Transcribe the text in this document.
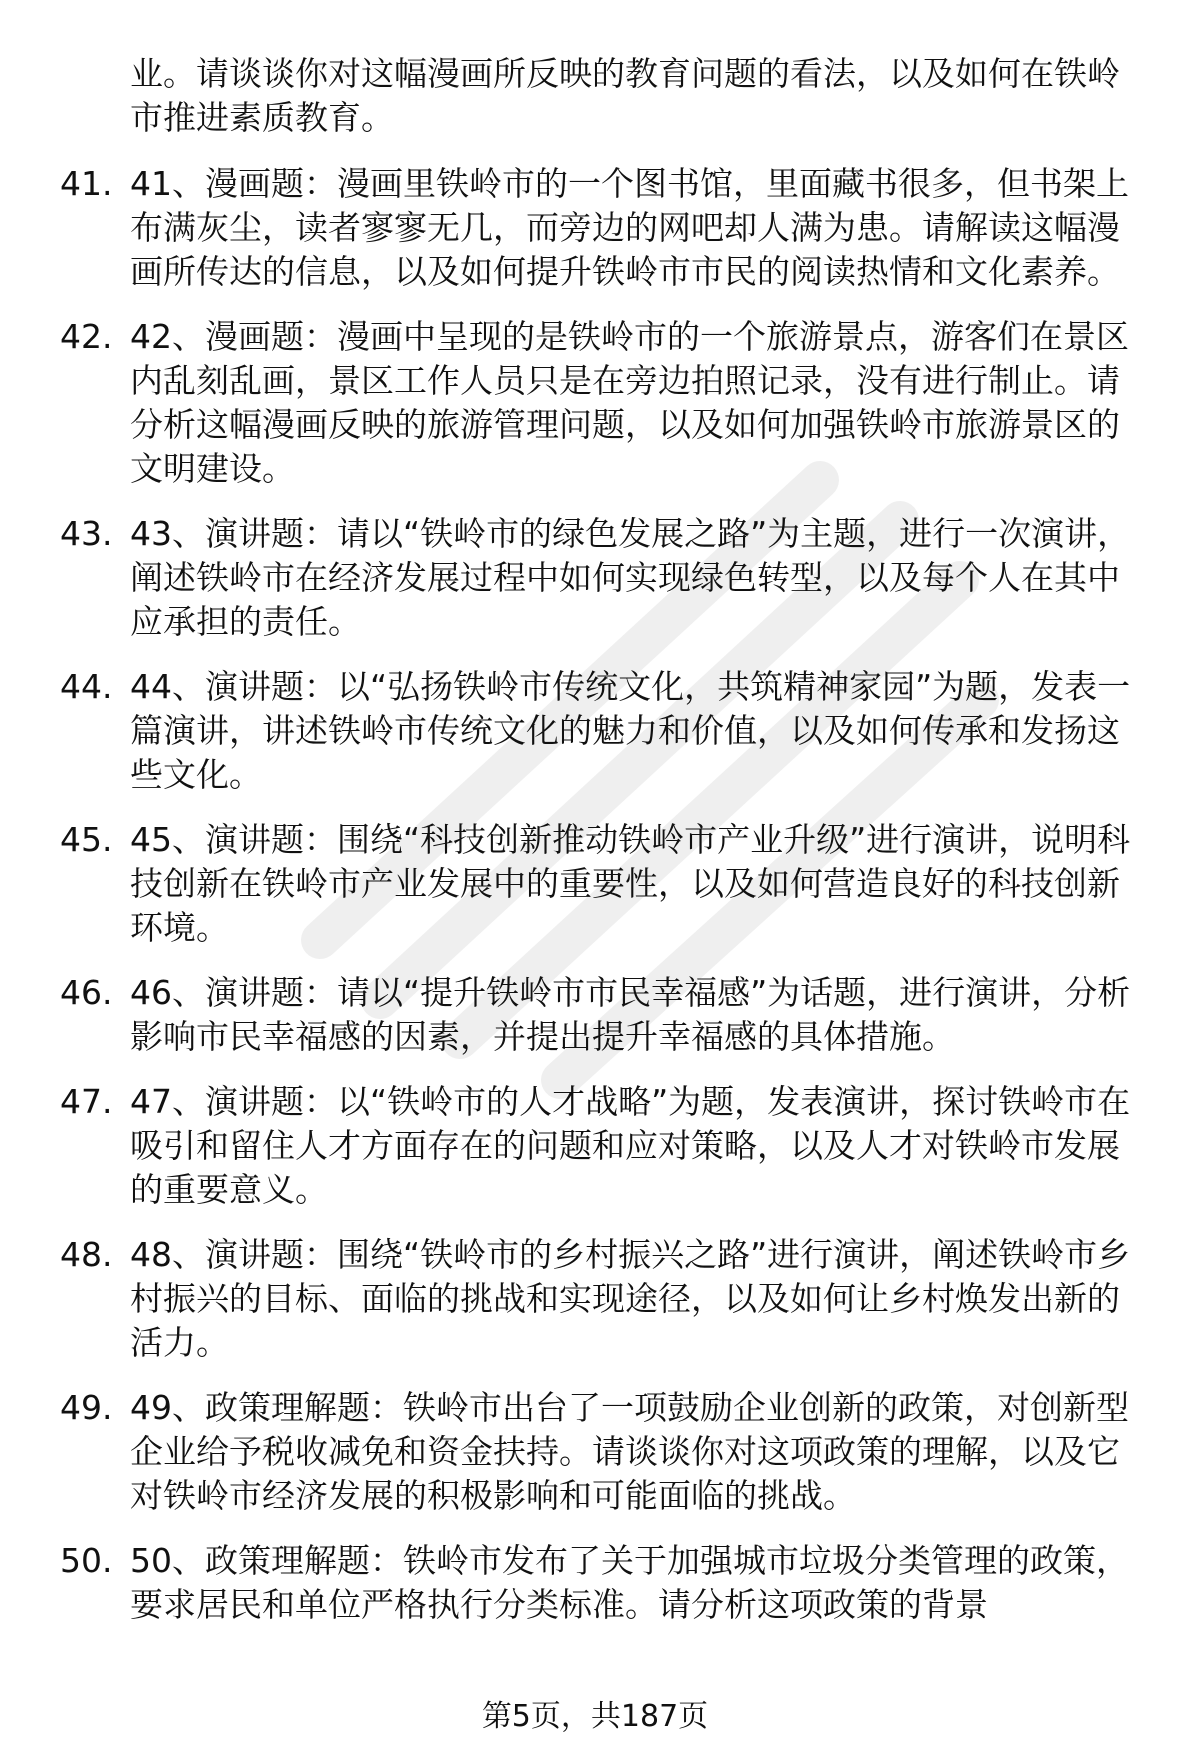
业。请谈谈你对这幅漫画所反映的教育问题的看法，以及如何在铁岭市推进素质教育。
41. 41、漫画题：漫画里铁岭市的一个图书馆，里面藏书很多，但书架上布满灰尘，读者寥寥无几，而旁边的网吧却人满为患。请解读这幅漫画所传达的信息，以及如何提升铁岭市市民的阅读热情和文化素养。
42. 42、漫画题：漫画中呈现的是铁岭市的一个旅游景点，游客们在景区内乱刻乱画，景区工作人员只是在旁边拍照记录，没有进行制止。请分析这幅漫画反映的旅游管理问题，以及如何加强铁岭市旅游景区的文明建设。
43. 43、演讲题：请以“铁岭市的绿色发展之路”为主题，进行一次演讲，阐述铁岭市在经济发展过程中如何实现绿色转型，以及每个人在其中应承担的责任。
44. 44、演讲题：以“弘扬铁岭市传统文化，共筑精神家园”为题，发表一篇演讲，讲述铁岭市传统文化的魅力和价值，以及如何传承和发扬这些文化。
45. 45、演讲题：围绕“科技创新推动铁岭市产业升级”进行演讲，说明科技创新在铁岭市产业发展中的重要性，以及如何营造良好的科技创新环境。
46. 46、演讲题：请以“提升铁岭市市民幸福感”为话题，进行演讲，分析影响市民幸福感的因素，并提出提升幸福感的具体措施。
47. 47、演讲题：以“铁岭市的人才战略”为题，发表演讲，探讨铁岭市在吸引和留住人才方面存在的问题和应对策略，以及人才对铁岭市发展的重要意义。
48. 48、演讲题：围绕“铁岭市的乡村振兴之路”进行演讲，阐述铁岭市乡村振兴的目标、面临的挑战和实现途径，以及如何让乡村焕发出新的活力。
49. 49、政策理解题：铁岭市出台了一项鼓励企业创新的政策，对创新型企业给予税收减免和资金扶持。请谈谈你对这项政策的理解，以及它对铁岭市经济发展的积极影响和可能面临的挑战。
50. 50、政策理解题：铁岭市发布了关于加强城市垃圾分类管理的政策，要求居民和单位严格执行分类标准。请分析这项政策的背景
第5页，共187页
